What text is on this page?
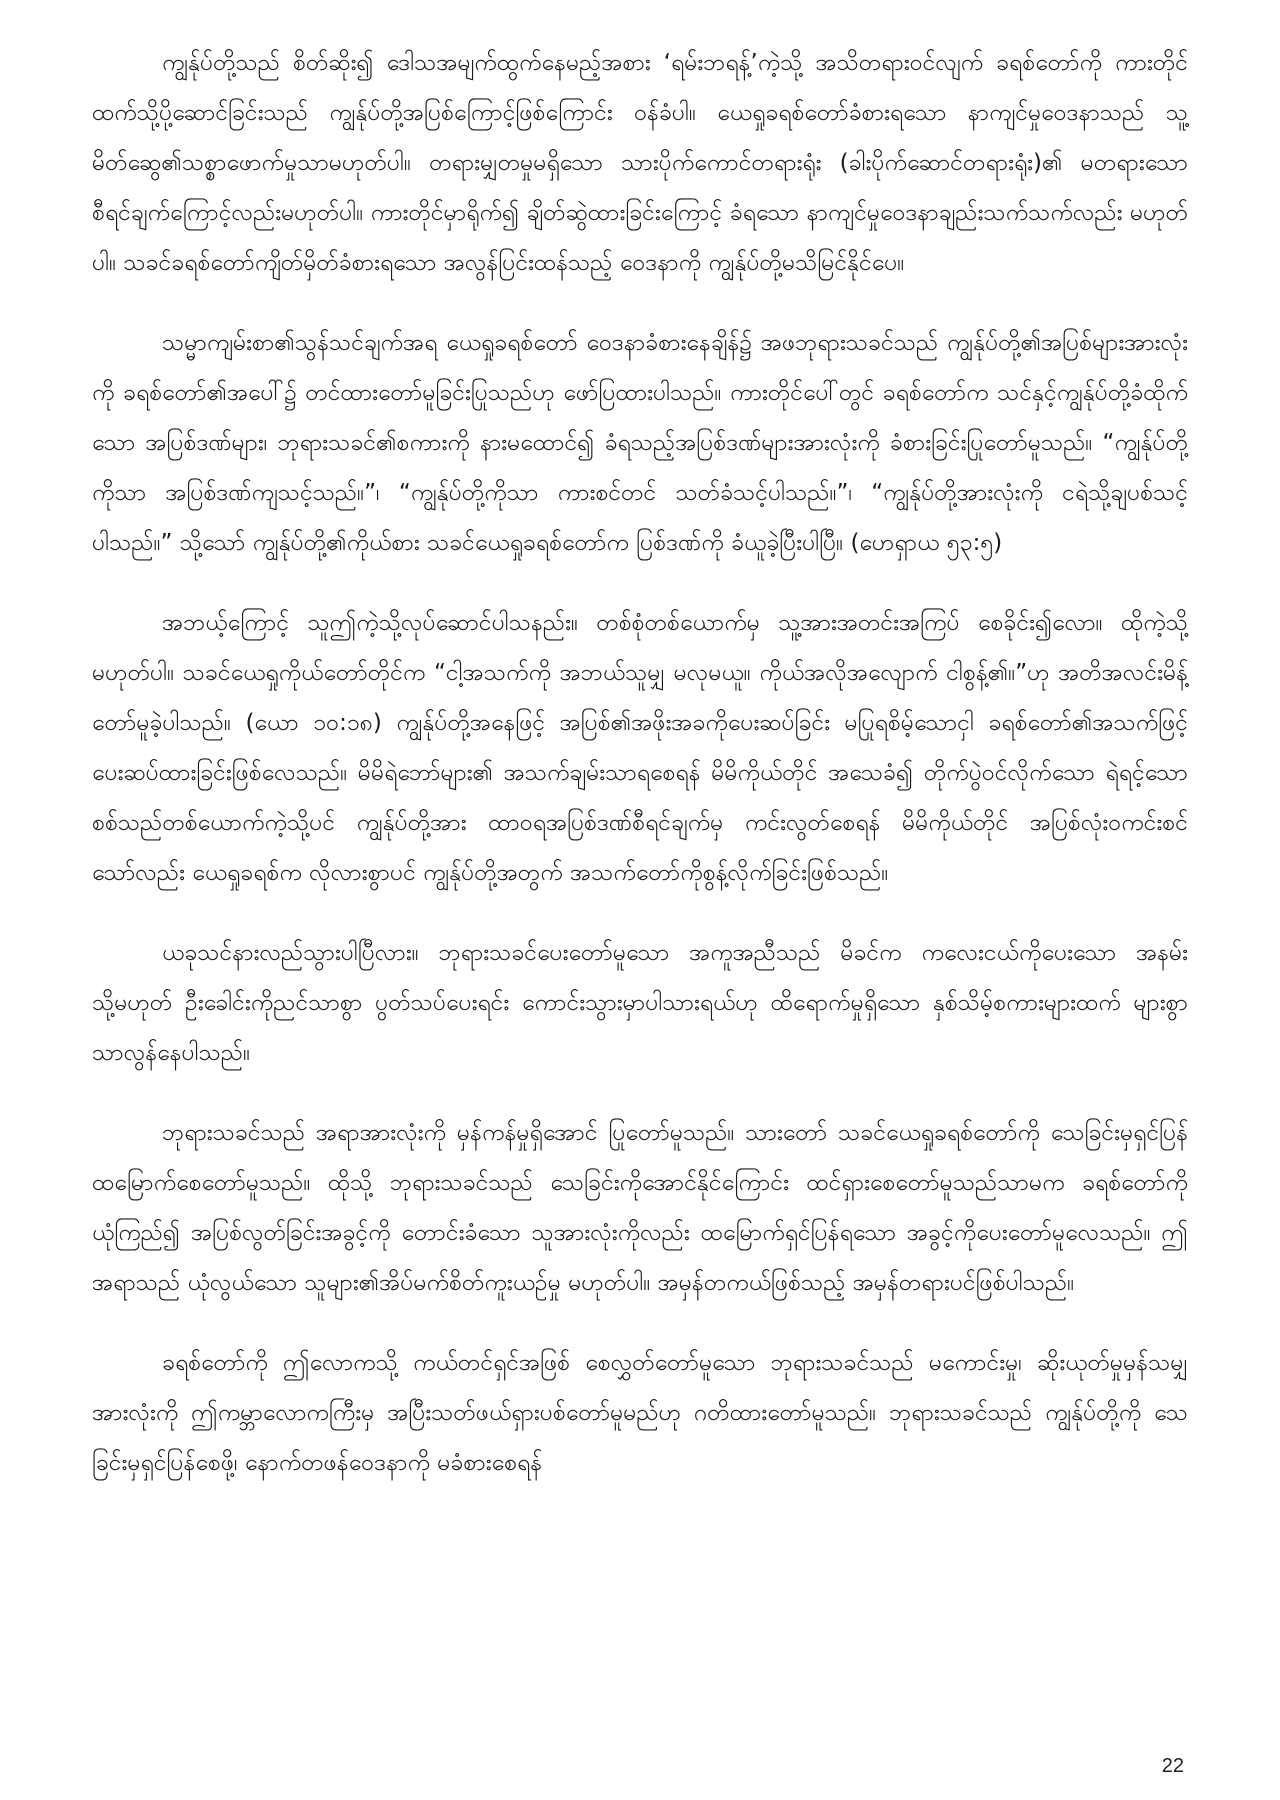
ကျွန်ုပ်တို့သည် စိတ်ဆိုး၍ ဒေါသအမျက်ထွက်နေမည့်အစား ‘ရမ်းဘရန့်’ကဲ့သို့ အသိတရားဝင်လျက် ခရစ်တော်ကို ကားတိုင်ထက်သို့ပို့ဆောင်ခြင်းသည် ကျွန်ုပ်တို့အပြစ်ကြောင့်ဖြစ်ကြောင်း ဝန်ခံပါ။ ယေရှုခရစ်တော်ခံစားရသော နာကျင်မှုဝေဒနာသည် သူ့မိတ်ဆွေ၏သစ္စာဖောက်မှုသာမဟုတ်ပါ။ တရားမျှတမှုမရှိသော သားပိုက်ကောင်တရားရုံး (ခါးပိုက်ဆောင်တရားရုံး)၏ မတရားသောစီရင်ချက်ကြောင့်လည်းမဟုတ်ပါ။ ကားတိုင်မှာရိုက်၍ ချိတ်ဆွဲထားခြင်းကြောင့် ခံရသော နာကျင်မှုဝေဒနာချည်းသက်သက်လည်း မဟုတ်ပါ။ သခင်ခရစ်တော်ကျိတ်မှိတ်ခံစားရသော အလွန်ပြင်းထန်သည့် ဝေဒနာကို ကျွန်ုပ်တို့မသိမြင်နိုင်ပေ။

သမ္မာကျမ်းစာ၏သွန်သင်ချက်အရ ယေရှုခရစ်တော် ဝေဒနာခံစားနေချိန်၌ အဖဘုရားသခင်သည် ကျွန်ုပ်တို့၏အပြစ်များအားလုံးကို ခရစ်တော်၏အပေါ်၌ တင်ထားတော်မူခြင်းပြုသည်ဟု ဖော်ပြထားပါသည်။ ကားတိုင်ပေါ်တွင် ခရစ်တော်က သင်နှင့်ကျွန်ုပ်တို့ခံထိုက်သော အပြစ်ဒဏ်များ၊ ဘုရားသခင်၏စကားကို နားမထောင်၍ ခံရသည့်အပြစ်ဒဏ်များအားလုံးကို ခံစားခြင်းပြုတော်မူသည်။ “ကျွန်ုပ်တို့ကိုသာ အပြစ်ဒဏ်ကျသင့်သည်။”၊ “ကျွန်ုပ်တို့ကိုသာ ကားစင်တင် သတ်ခံသင့်ပါသည်။”၊ “ကျွန်ုပ်တို့အားလုံးကို ငရဲသို့ချပစ်သင့်ပါသည်။” သို့သော် ကျွန်ုပ်တို့၏ကိုယ်စား သခင်ယေရှုခရစ်တော်က ပြစ်ဒဏ်ကို ခံယူခဲ့ပြီးပါပြီ။ (ဟေရှာယ ၅၃:၅)

အဘယ့်ကြောင့် သူဤကဲ့သို့လုပ်ဆောင်ပါသနည်း။ တစ်စုံတစ်ယောက်မှ သူ့အားအတင်းအကြပ် စေခိုင်း၍လော။ ထိုကဲ့သို့မဟုတ်ပါ။ သခင်ယေရှုကိုယ်တော်တိုင်က “ငါ့အသက်ကို အဘယ်သူမျှ မလုမယူ။ ကိုယ်အလိုအလျောက် ငါစွန့်၏။”ဟု အတိအလင်းမိန့်တော်မူခဲ့ပါသည်။ (ယော ၁၀:၁၈) ကျွန်ုပ်တို့အနေဖြင့် အပြစ်၏အဖိုးအခကိုပေးဆပ်ခြင်း မပြုရစိမ့်သောငှါ ခရစ်တော်၏အသက်ဖြင့် ပေးဆပ်ထားခြင်းဖြစ်လေသည်။ မိမိရဲဘော်များ၏ အသက်ချမ်းသာရစေရန် မိမိကိုယ်တိုင် အသေခံ၍ တိုက်ပွဲဝင်လိုက်သော ရဲရင့်သော စစ်သည်တစ်ယောက်ကဲ့သို့ပင် ကျွန်ုပ်တို့အား ထာဝရအပြစ်ဒဏ်စီရင်ချက်မှ ကင်းလွတ်စေရန် မိမိကိုယ်တိုင် အပြစ်လုံးဝကင်းစင်သော်လည်း ယေရှုခရစ်က လိုလားစွာပင် ကျွန်ုပ်တို့အတွက် အသက်တော်ကိုစွန့်လိုက်ခြင်းဖြစ်သည်။

ယခုသင်နားလည်သွားပါပြီလား။ ဘုရားသခင်ပေးတော်မူသော အကူအညီသည် မိခင်က ကလေးငယ်ကိုပေးသော အနမ်း သို့မဟုတ် ဦးခေါင်းကိုညင်သာစွာ ပွတ်သပ်ပေးရင်း ကောင်းသွားမှာပါသားရယ်ဟု ထိရောက်မှုရှိသော နှစ်သိမ့်စကားများထက် များစွာသာလွန်နေပါသည်။

ဘုရားသခင်သည် အရာအားလုံးကို မှန်ကန်မှုရှိအောင် ပြုတော်မူသည်။ သားတော် သခင်ယေရှုခရစ်တော်ကို သေခြင်းမှရှင်ပြန်ထမြောက်စေတော်မူသည်။ ထိုသို့ ဘုရားသခင်သည် သေခြင်းကိုအောင်နိုင်ကြောင်း ထင်ရှားစေတော်မူသည်သာမက ခရစ်တော်ကိုယုံကြည်၍ အပြစ်လွတ်ခြင်းအခွင့်ကို တောင်းခံသော သူအားလုံးကိုလည်း ထမြောက်ရှင်ပြန်ရသော အခွင့်ကိုပေးတော်မူလေသည်။ ဤအရာသည် ယုံလွယ်သော သူများ၏အိပ်မက်စိတ်ကူးယဉ်မှု မဟုတ်ပါ။ အမှန်တကယ်ဖြစ်သည့် အမှန်တရားပင်ဖြစ်ပါသည်။

ခရစ်တော်ကို ဤလောကသို့ ကယ်တင်ရှင်အဖြစ် စေလွှတ်တော်မူသော ဘုရားသခင်သည် မကောင်းမှု၊ ဆိုးယုတ်မှုမှန်သမျှအားလုံးကို ဤကမ္ဘာလောကကြီးမှ အပြီးသတ်ဖယ်ရှားပစ်တော်မူမည်ဟု ဂတိထားတော်မူသည်။ ဘုရားသခင်သည် ကျွန်ုပ်တို့ကို သေခြင်းမှရှင်ပြန်စေဖို့၊ နောက်တဖန်ဝေဒနာကို မခံစားစေရန်

22
